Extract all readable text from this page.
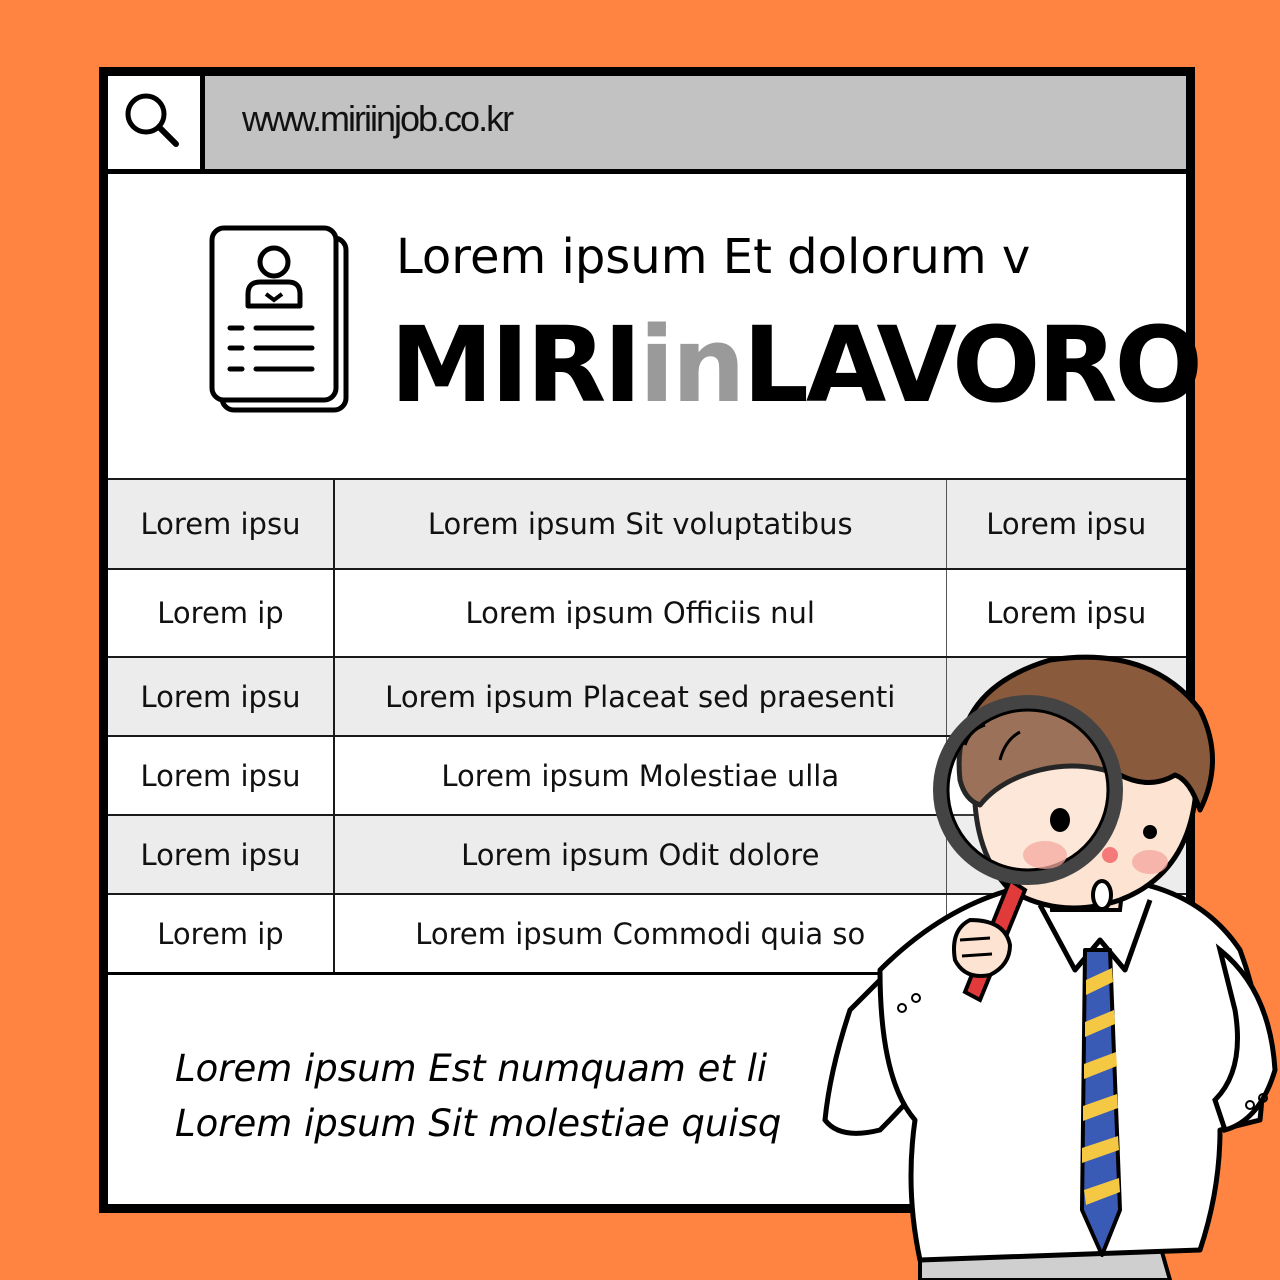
www.miriinjob.co.kr
Lorem ipsum Et dolorum v
MIRIinLAVORO
Lorem ipsu	Lorem ipsum Sit voluptatibus	Lorem ipsu
Lorem ip	Lorem ipsum Officiis nul	Lorem ipsu
Lorem ipsu	Lorem ipsum Placeat sed praesenti	
Lorem ipsu	Lorem ipsum Molestiae ulla	
Lorem ipsu	Lorem ipsum Odit dolore	
Lorem ip	Lorem ipsum Commodi quia so	
Lorem ipsum Est numquam et li
Lorem ipsum Sit molestiae quisq
